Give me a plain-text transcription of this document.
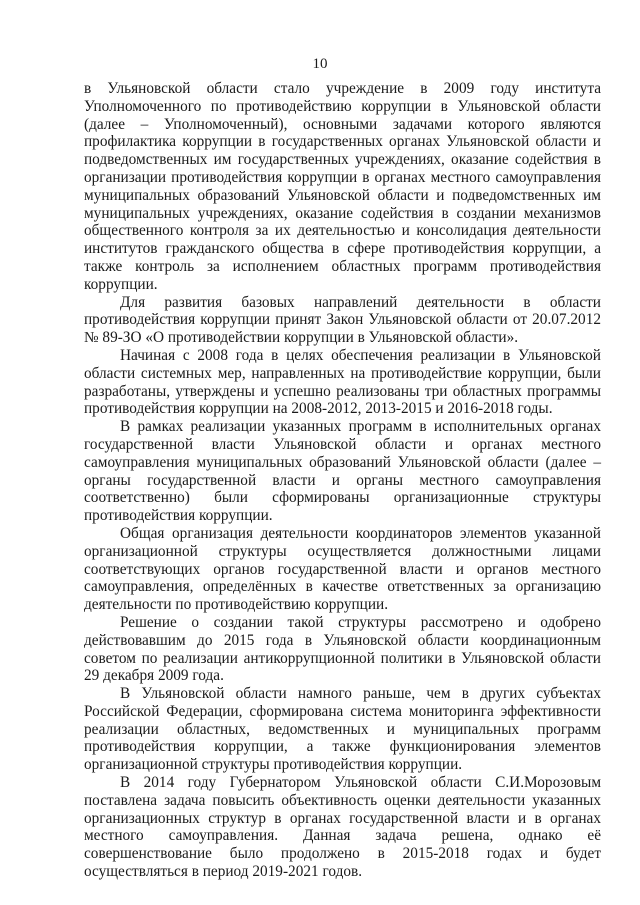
10

в Ульяновской области стало учреждение в 2009 году института Уполномоченного по противодействию коррупции в Ульяновской области (далее – Уполномоченный), основными задачами которого являются профилактика коррупции в государственных органах Ульяновской области и подведомственных им государственных учреждениях, оказание содействия в организации противодействия коррупции в органах местного самоуправления муниципальных образований Ульяновской области и подведомственных им муниципальных учреждениях, оказание содействия в создании механизмов общественного контроля за их деятельностью и консолидация деятельности институтов гражданского общества в сфере противодействия коррупции, а также контроль за исполнением областных программ противодействия коррупции.

Для развития базовых направлений деятельности в области противодействия коррупции принят Закон Ульяновской области от 20.07.2012 № 89-ЗО «О противодействии коррупции в Ульяновской области».

Начиная с 2008 года в целях обеспечения реализации в Ульяновской области системных мер, направленных на противодействие коррупции, были разработаны, утверждены и успешно реализованы три областных программы противодействия коррупции на 2008-2012, 2013-2015 и 2016-2018 годы.

В рамках реализации указанных программ в исполнительных органах государственной власти Ульяновской области и органах местного самоуправления муниципальных образований Ульяновской области (далее – органы государственной власти и органы местного самоуправления соответственно) были сформированы организационные структуры противодействия коррупции.

Общая организация деятельности координаторов элементов указанной организационной структуры осуществляется должностными лицами соответствующих органов государственной власти и органов местного самоуправления, определённых в качестве ответственных за организацию деятельности по противодействию коррупции.

Решение о создании такой структуры рассмотрено и одобрено действовавшим до 2015 года в Ульяновской области координационным советом по реализации антикоррупционной политики в Ульяновской области 29 декабря 2009 года.

В Ульяновской области намного раньше, чем в других субъектах Российской Федерации, сформирована система мониторинга эффективности реализации областных, ведомственных и муниципальных программ противодействия коррупции, а также функционирования элементов организационной структуры противодействия коррупции.

В 2014 году Губернатором Ульяновской области С.И.Морозовым поставлена задача повысить объективность оценки деятельности указанных организационных структур в органах государственной власти и в органах местного самоуправления. Данная задача решена, однако её совершенствование было продолжено в 2015-2018 годах и будет осуществляться в период 2019-2021 годов.
